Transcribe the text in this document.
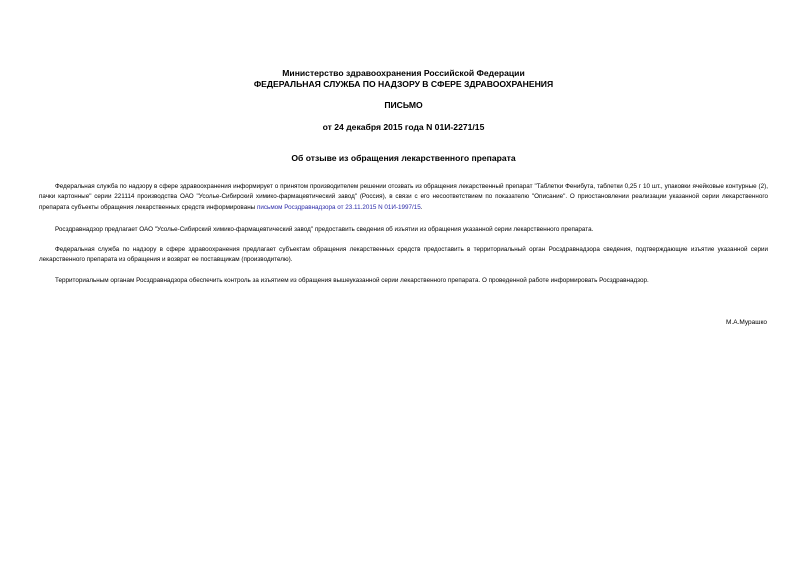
Министерство здравоохранения Российской Федерации
ФЕДЕРАЛЬНАЯ СЛУЖБА ПО НАДЗОРУ В СФЕРЕ ЗДРАВООХРАНЕНИЯ
ПИСЬМО
от 24 декабря 2015 года N 01И-2271/15
Об отзыве из обращения лекарственного препарата

Федеральная служба по надзору в сфере здравоохранения информирует о принятом производителем решении отозвать из обращения лекарственный препарат "Таблетки Фенибута, таблетки 0,25 г 10 шт., упаковки ячейковые контурные (2), пачки картонные" серии 221114 производства ОАО "Усолье-Сибирский химико-фармацевтический завод" (Россия), в связи с его несоответствием по показателю "Описание". О приостановлении реализации указанной серии лекарственного препарата субъекты обращения лекарственных средств информированы письмом Росздравнадзора от 23.11.2015 N 01И-1997/15.

Росздравнадзор предлагает ОАО "Усолье-Сибирский химико-фармацевтический завод" предоставить сведения об изъятии из обращения указанной серии лекарственного препарата.

Федеральная служба по надзору в сфере здравоохранения предлагает субъектам обращения лекарственных средств предоставить в территориальный орган Росздравнадзора сведения, подтверждающие изъятие указанной серии лекарственного препарата из обращения и возврат ее поставщикам (производителю).

Территориальным органам Росздравнадзора обеспечить контроль за изъятием из обращения вышеуказанной серии лекарственного препарата. О проведенной работе информировать Росздравнадзор.

М.А.Мурашко
